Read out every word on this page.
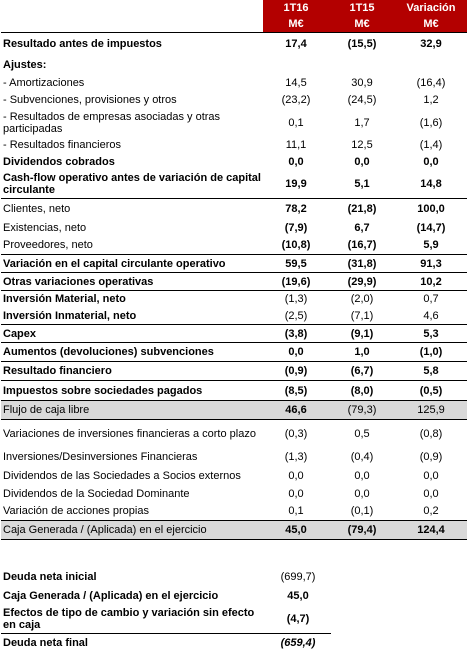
	1T16	1T15	Variación
	M€	M€	M€
Resultado antes de impuestos	17,4	(15,5)	32,9
Ajustes:			
- Amortizaciones	14,5	30,9	(16,4)
- Subvenciones, provisiones y otros	(23,2)	(24,5)	1,2
- Resultados de empresas asociadas y otras participadas	0,1	1,7	(1,6)
- Resultados financieros	11,1	12,5	(1,4)
Dividendos cobrados	0,0	0,0	0,0
Cash-flow operativo antes de variación de capital circulante	19,9	5,1	14,8
Clientes, neto	78,2	(21,8)	100,0
Existencias, neto	(7,9)	6,7	(14,7)
Proveedores, neto	(10,8)	(16,7)	5,9
Variación en el capital circulante operativo	59,5	(31,8)	91,3
Otras variaciones operativas	(19,6)	(29,9)	10,2
Inversión Material, neto	(1,3)	(2,0)	0,7
Inversión Inmaterial, neto	(2,5)	(7,1)	4,6
Capex	(3,8)	(9,1)	5,3
Aumentos (devoluciones) subvenciones	0,0	1,0	(1,0)
Resultado financiero	(0,9)	(6,7)	5,8
Impuestos sobre sociedades pagados	(8,5)	(8,0)	(0,5)
Flujo de caja libre	46,6	(79,3)	125,9
Variaciones de inversiones financieras a corto plazo	(0,3)	0,5	(0,8)
Inversiones/Desinversiones Financieras	(1,3)	(0,4)	(0,9)
Dividendos de las Sociedades a Socios externos	0,0	0,0	0,0
Dividendos de la Sociedad Dominante	0,0	0,0	0,0
Variación de acciones propias	0,1	(0,1)	0,2
Caja Generada / (Aplicada) en el ejercicio	45,0	(79,4)	124,4
Deuda neta inicial	(699,7)
Caja Generada / (Aplicada) en el ejercicio	45,0
Efectos de tipo de cambio y variación sin efecto en caja	(4,7)
Deuda neta final	(659,4)
